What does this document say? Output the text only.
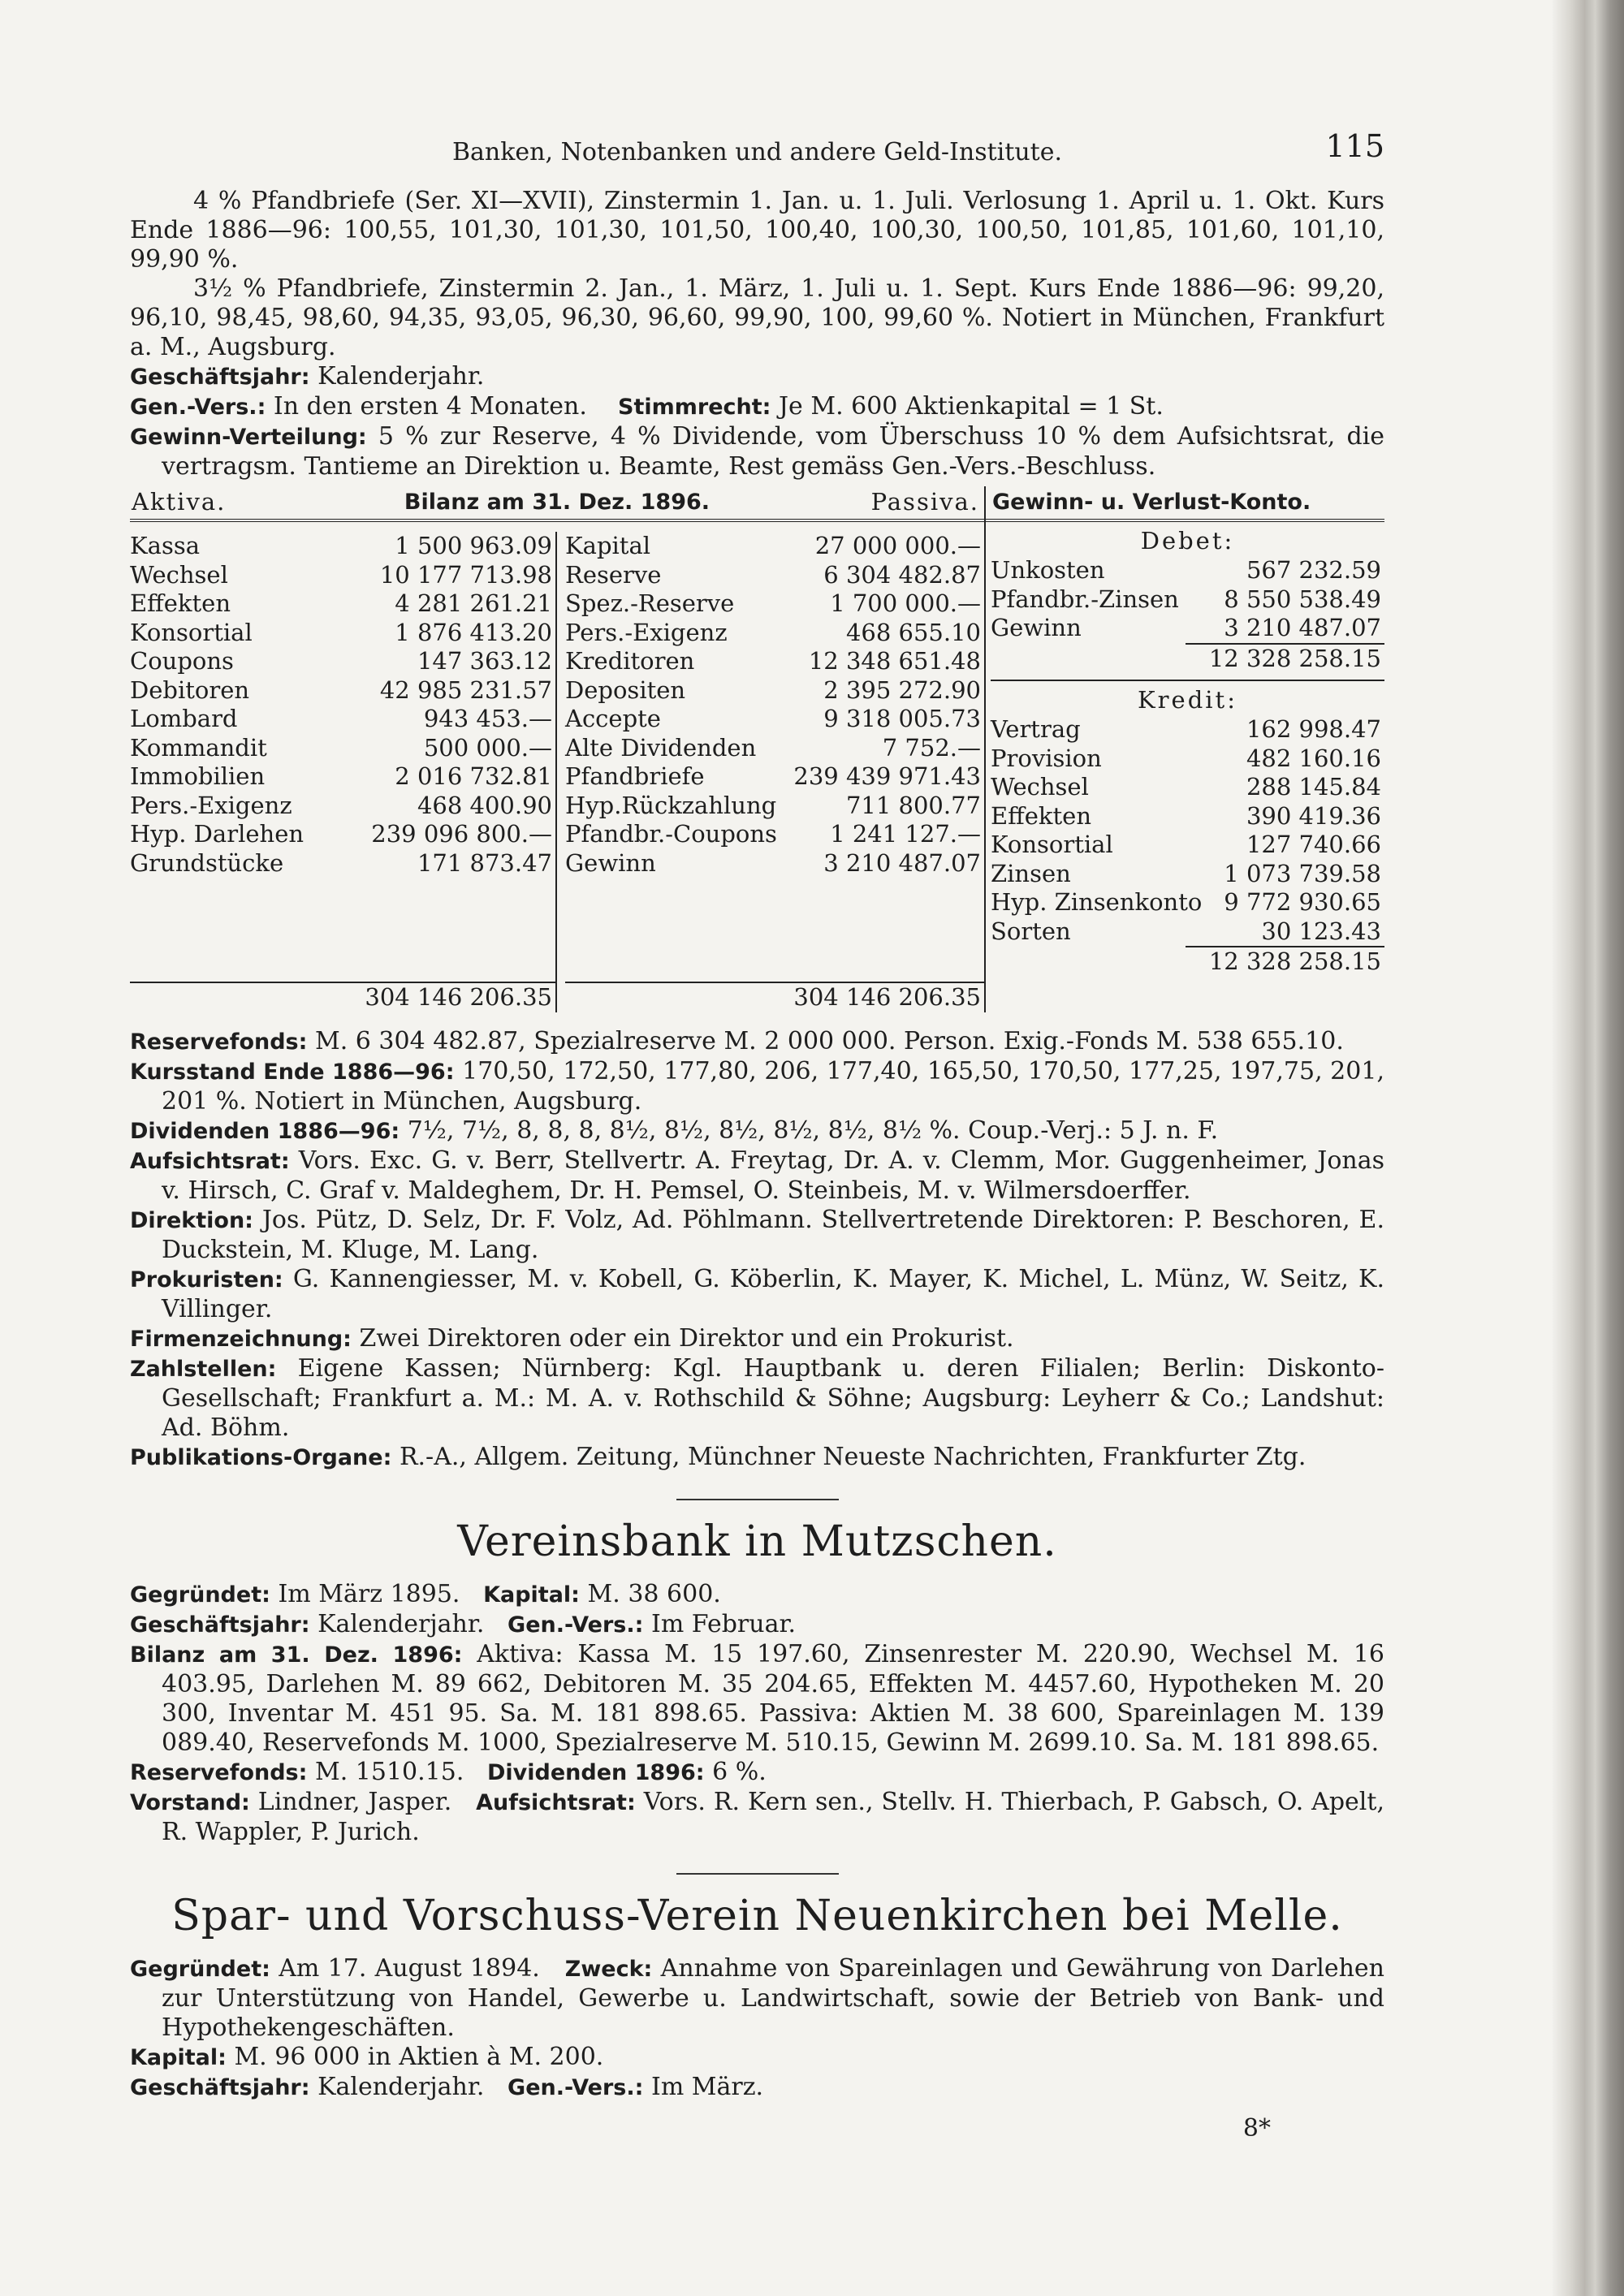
Banken, Notenbanken und andere Geld-Institute.	115

4 % Pfandbriefe (Ser. XI—XVII), Zinstermin 1. Jan. u. 1. Juli. Verlosung 1. April u. 1. Okt. Kurs Ende 1886—96: 100,55, 101,30, 101,30, 101,50, 100,40, 100,30, 100,50, 101,85, 101,60, 101,10, 99,90 %.

3½ % Pfandbriefe, Zinstermin 2. Jan., 1. März, 1. Juli u. 1. Sept. Kurs Ende 1886—96: 99,20, 96,10, 98,45, 98,60, 94,35, 93,05, 96,30, 96,60, 99,90, 100, 99,60 %. Notiert in München, Frankfurt a. M., Augsburg.

Geschäftsjahr: Kalenderjahr.

Gen.-Vers.: In den ersten 4 Monaten. Stimmrecht: Je M. 600 Aktienkapital = 1 St.

Gewinn-Verteilung: 5 % zur Reserve, 4 % Dividende, vom Überschuss 10 % dem Aufsichtsrat, die vertragsm. Tantieme an Direktion u. Beamte, Rest gemäss Gen.-Vers.-Beschluss.

Aktiva.	Bilanz am 31. Dez. 1896.	Passiva.
Kassa	1 500 963.09
Wechsel	10 177 713.98
Effekten	4 281 261.21
Konsortial	1 876 413.20
Coupons	147 363.12
Debitoren	42 985 231.57
Lombard	943 453.—
Kommandit	500 000.—
Immobilien	2 016 732.81
Pers.-Exigenz	468 400.90
Hyp. Darlehen	239 096 800.—
Grundstücke	171 873.47
304 146 206.35
Kapital	27 000 000.—
Reserve	6 304 482.87
Spez.-Reserve	1 700 000.—
Pers.-Exigenz	468 655.10
Kreditoren	12 348 651.48
Depositen	2 395 272.90
Accepte	9 318 005.73
Alte Dividenden	7 752.—
Pfandbriefe	239 439 971.43
Hyp.Rückzahlung	711 800.77
Pfandbr.-Coupons	1 241 127.—
Gewinn	3 210 487.07
304 146 206.35
Gewinn- u. Verlust-Konto.
Debet:
Unkosten	567 232.59
Pfandbr.-Zinsen	8 550 538.49
Gewinn	3 210 487.07
12 328 258.15
Kredit:
Vertrag	162 998.47
Provision	482 160.16
Wechsel	288 145.84
Effekten	390 419.36
Konsortial	127 740.66
Zinsen	1 073 739.58
Hyp. Zinsenkonto 9 772 930.65
Sorten	30 123.43
12 328 258.15

Reservefonds: M. 6 304 482.87, Spezialreserve M. 2 000 000. Person. Exig.-Fonds M. 538 655.10.

Kursstand Ende 1886—96: 170,50, 172,50, 177,80, 206, 177,40, 165,50, 170,50, 177,25, 197,75, 201, 201 %. Notiert in München, Augsburg.

Dividenden 1886—96: 7½, 7½, 8, 8, 8, 8½, 8½, 8½, 8½, 8½, 8½ %. Coup.-Verj.: 5 J. n. F.

Aufsichtsrat: Vors. Exc. G. v. Berr, Stellvertr. A. Freytag, Dr. A. v. Clemm, Mor. Guggenheimer, Jonas v. Hirsch, C. Graf v. Maldeghem, Dr. H. Pemsel, O. Steinbeis, M. v. Wilmersdoerffer.

Direktion: Jos. Pütz, D. Selz, Dr. F. Volz, Ad. Pöhlmann. Stellvertretende Direktoren: P. Beschoren, E. Duckstein, M. Kluge, M. Lang.

Prokuristen: G. Kannengiesser, M. v. Kobell, G. Köberlin, K. Mayer, K. Michel, L. Münz, W. Seitz, K. Villinger.

Firmenzeichnung: Zwei Direktoren oder ein Direktor und ein Prokurist.

Zahlstellen: Eigene Kassen; Nürnberg: Kgl. Hauptbank u. deren Filialen; Berlin: Diskonto-Gesellschaft; Frankfurt a. M.: M. A. v. Rothschild & Söhne; Augsburg: Leyherr & Co.; Landshut: Ad. Böhm.

Publikations-Organe: R.-A., Allgem. Zeitung, Münchner Neueste Nachrichten, Frankfurter Ztg.

Vereinsbank in Mutzschen.

Gegründet: Im März 1895. Kapital: M. 38 600.

Geschäftsjahr: Kalenderjahr. Gen.-Vers.: Im Februar.

Bilanz am 31. Dez. 1896: Aktiva: Kassa M. 15 197.60, Zinsenrester M. 220.90, Wechsel M. 16 403.95, Darlehen M. 89 662, Debitoren M. 35 204.65, Effekten M. 4457.60, Hypotheken M. 20 300, Inventar M. 451 95. Sa. M. 181 898.65. Passiva: Aktien M. 38 600, Spareinlagen M. 139 089.40, Reservefonds M. 1000, Spezialreserve M. 510.15, Gewinn M. 2699.10. Sa. M. 181 898.65.

Reservefonds: M. 1510.15. Dividenden 1896: 6 %.

Vorstand: Lindner, Jasper. Aufsichtsrat: Vors. R. Kern sen., Stellv. H. Thierbach, P. Gabsch, O. Apelt, R. Wappler, P. Jurich.

Spar- und Vorschuss-Verein Neuenkirchen bei Melle.

Gegründet: Am 17. August 1894. Zweck: Annahme von Spareinlagen und Gewährung von Darlehen zur Unterstützung von Handel, Gewerbe u. Landwirtschaft, sowie der Betrieb von Bank- und Hypothekengeschäften.

Kapital: M. 96 000 in Aktien à M. 200.

Geschäftsjahr: Kalenderjahr. Gen.-Vers.: Im März.

8*
